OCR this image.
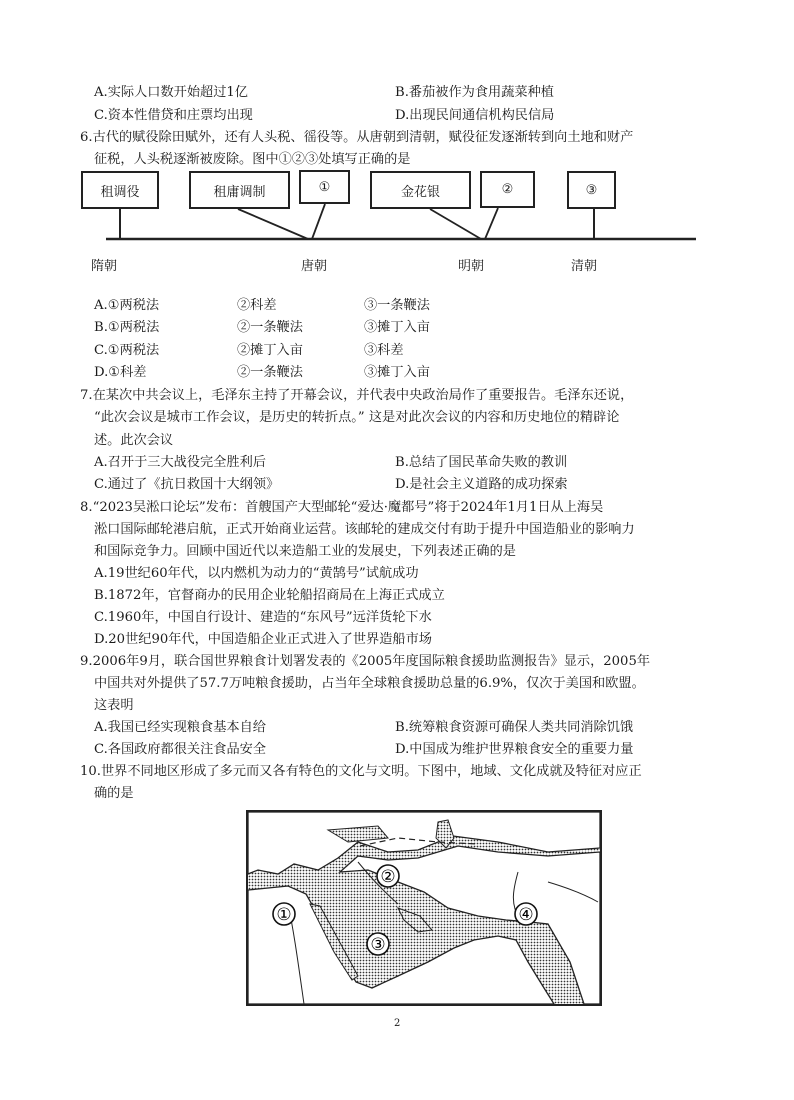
A.实际人口数开始超过1亿	B.番茄被作为食用蔬菜种植
C.资本性借贷和庄票均出现	D.出现民间通信机构民信局
6.古代的赋役除田赋外，还有人头税、徭役等。从唐朝到清朝，赋役征发逐渐转到向土地和财产
征税，人头税逐渐被废除。图中①②③处填写正确的是
租调役	租庸调制	①	金花银	②	③
隋朝	唐朝	明朝	清朝
A.①两税法	②科差	③一条鞭法
B.①两税法	②一条鞭法	③摊丁入亩
C.①两税法	②摊丁入亩	③科差
D.①科差	②一条鞭法	③摊丁入亩
7.在某次中共会议上，毛泽东主持了开幕会议，并代表中央政治局作了重要报告。毛泽东还说，
“此次会议是城市工作会议，是历史的转折点。” 这是对此次会议的内容和历史地位的精辟论
述。此次会议
A.召开于三大战役完全胜利后	B.总结了国民革命失败的教训
C.通过了《抗日救国十大纲领》	D.是社会主义道路的成功探索
8.“2023吴淞口论坛”发布：首艘国产大型邮轮“爱达·魔都号”将于2024年1月1日从上海吴
淞口国际邮轮港启航，正式开始商业运营。该邮轮的建成交付有助于提升中国造船业的影响力
和国际竞争力。回顾中国近代以来造船工业的发展史，下列表述正确的是
A.19世纪60年代，以内燃机为动力的“黄鹄号”试航成功
B.1872年，官督商办的民用企业轮船招商局在上海正式成立
C.1960年，中国自行设计、建造的“东风号”远洋货轮下水
D.20世纪90年代，中国造船企业正式进入了世界造船市场
9.2006年9月，联合国世界粮食计划署发表的《2005年度国际粮食援助监测报告》显示，2005年
中国共对外提供了57.7万吨粮食援助，占当年全球粮食援助总量的6.9%，仅次于美国和欧盟。
这表明
A.我国已经实现粮食基本自给	B.统筹粮食资源可确保人类共同消除饥饿
C.各国政府都很关注食品安全	D.中国成为维护世界粮食安全的重要力量
10.世界不同地区形成了多元而又各有特色的文化与文明。下图中，地域、文化成就及特征对应正
确的是
①
②
③
④
2
